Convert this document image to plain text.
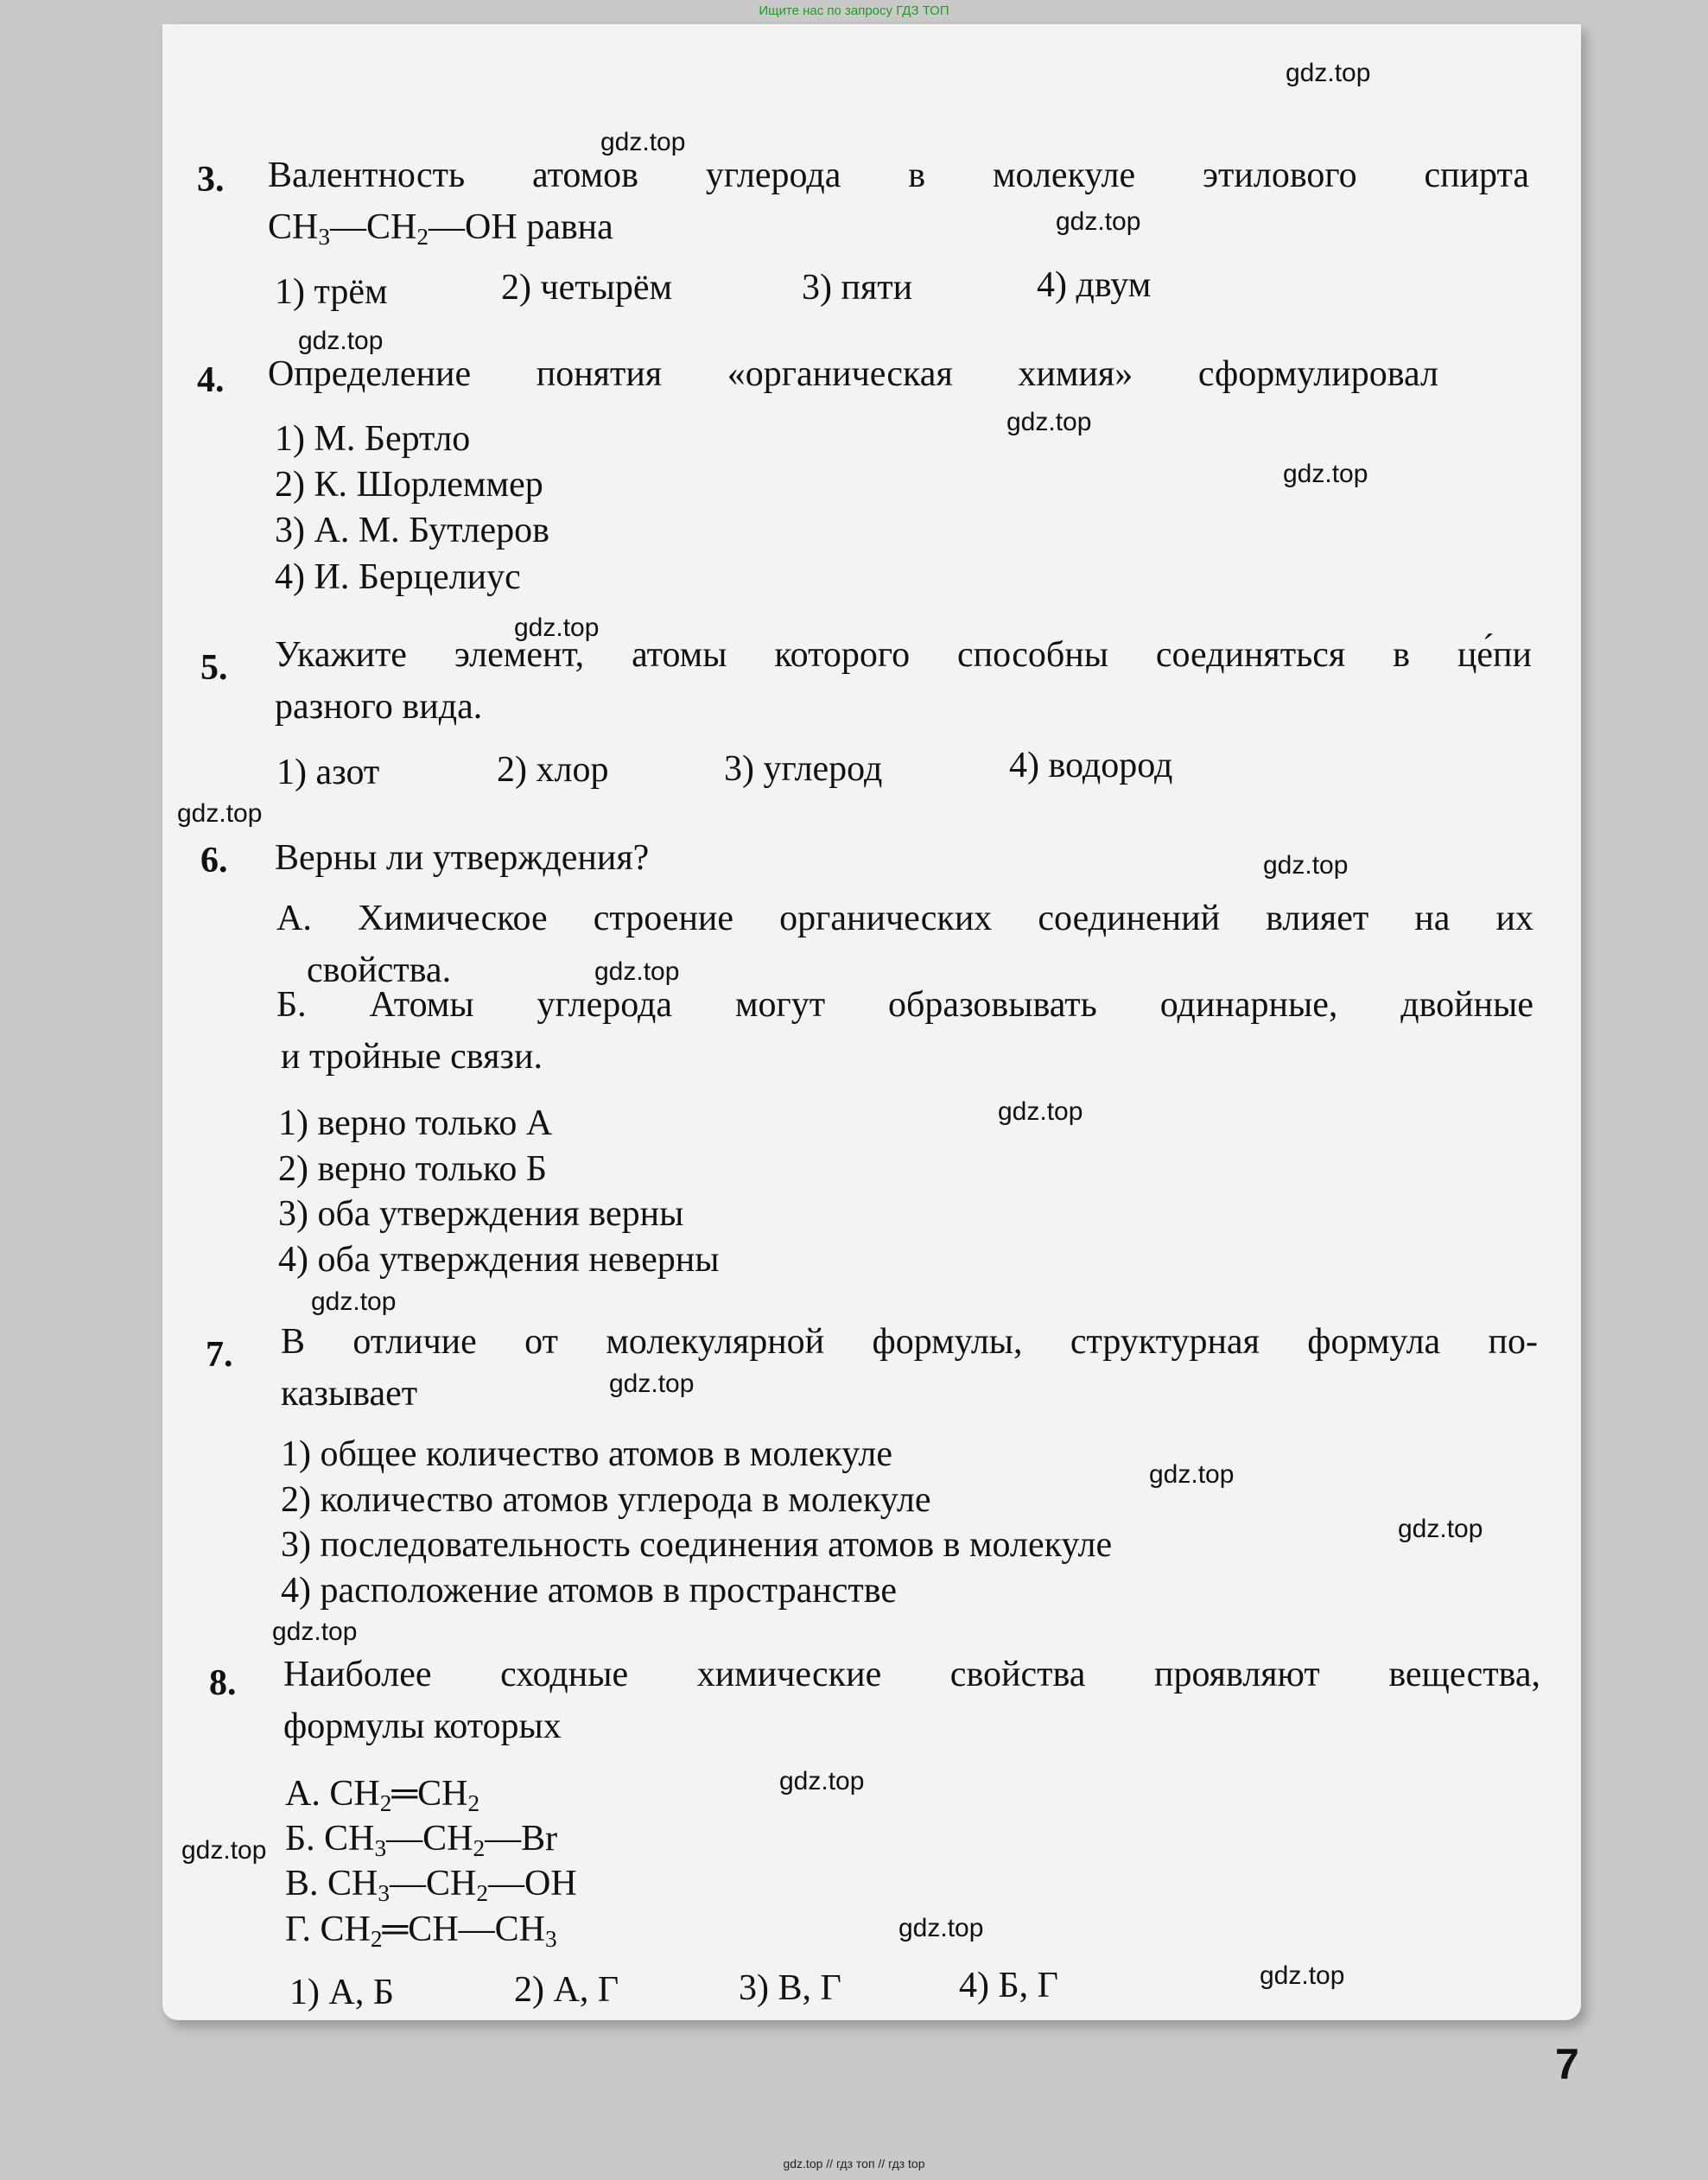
Ищите нас по запросу ГДЗ ТОП
3. Валентность атомов углерода в молекуле этилового спирта
$CH_3—CH_2—OH$ равна
1) трём	2) четырём	3) пяти	4) двум
4. Определение понятия «органическая химия» сформулировал
1) М. Бертло
2) К. Шорлеммер
3) А. М. Бутлеров
4) И. Берцелиус
5. Укажите элемент, атомы которого способны соединяться в це́пи
разного вида.
1) азот	2) хлор	3) углерод	4) водород
6. Верны ли утверждения?
А. Химическое строение органических соединений влияет на их
свойства.
Б. Атомы углерода могут образовывать одинарные, двойные
и тройные связи.
1) верно только А
2) верно только Б
3) оба утверждения верны
4) оба утверждения неверны
7. В отличие от молекулярной формулы, структурная формула по-
казывает
1) общее количество атомов в молекуле
2) количество атомов углерода в молекуле
3) последовательность соединения атомов в молекуле
4) расположение атомов в пространстве
8. Наиболее сходные химические свойства проявляют вещества,
формулы которых
А. $CH_2═CH_2$
Б. $CH_3—CH_2—Br$
В. $CH_3—CH_2—OH$
Г. $CH_2═CH—CH_3$
1) А, Б	2) А, Г	3) В, Г	4) Б, Г
gdz.top
gdz.top
gdz.top
gdz.top
gdz.top
gdz.top
gdz.top
gdz.top
gdz.top
gdz.top
gdz.top
gdz.top
gdz.top
gdz.top
gdz.top
gdz.top
gdz.top
gdz.top
gdz.top
gdz.top
7
gdz.top // гдз топ // гдз top
